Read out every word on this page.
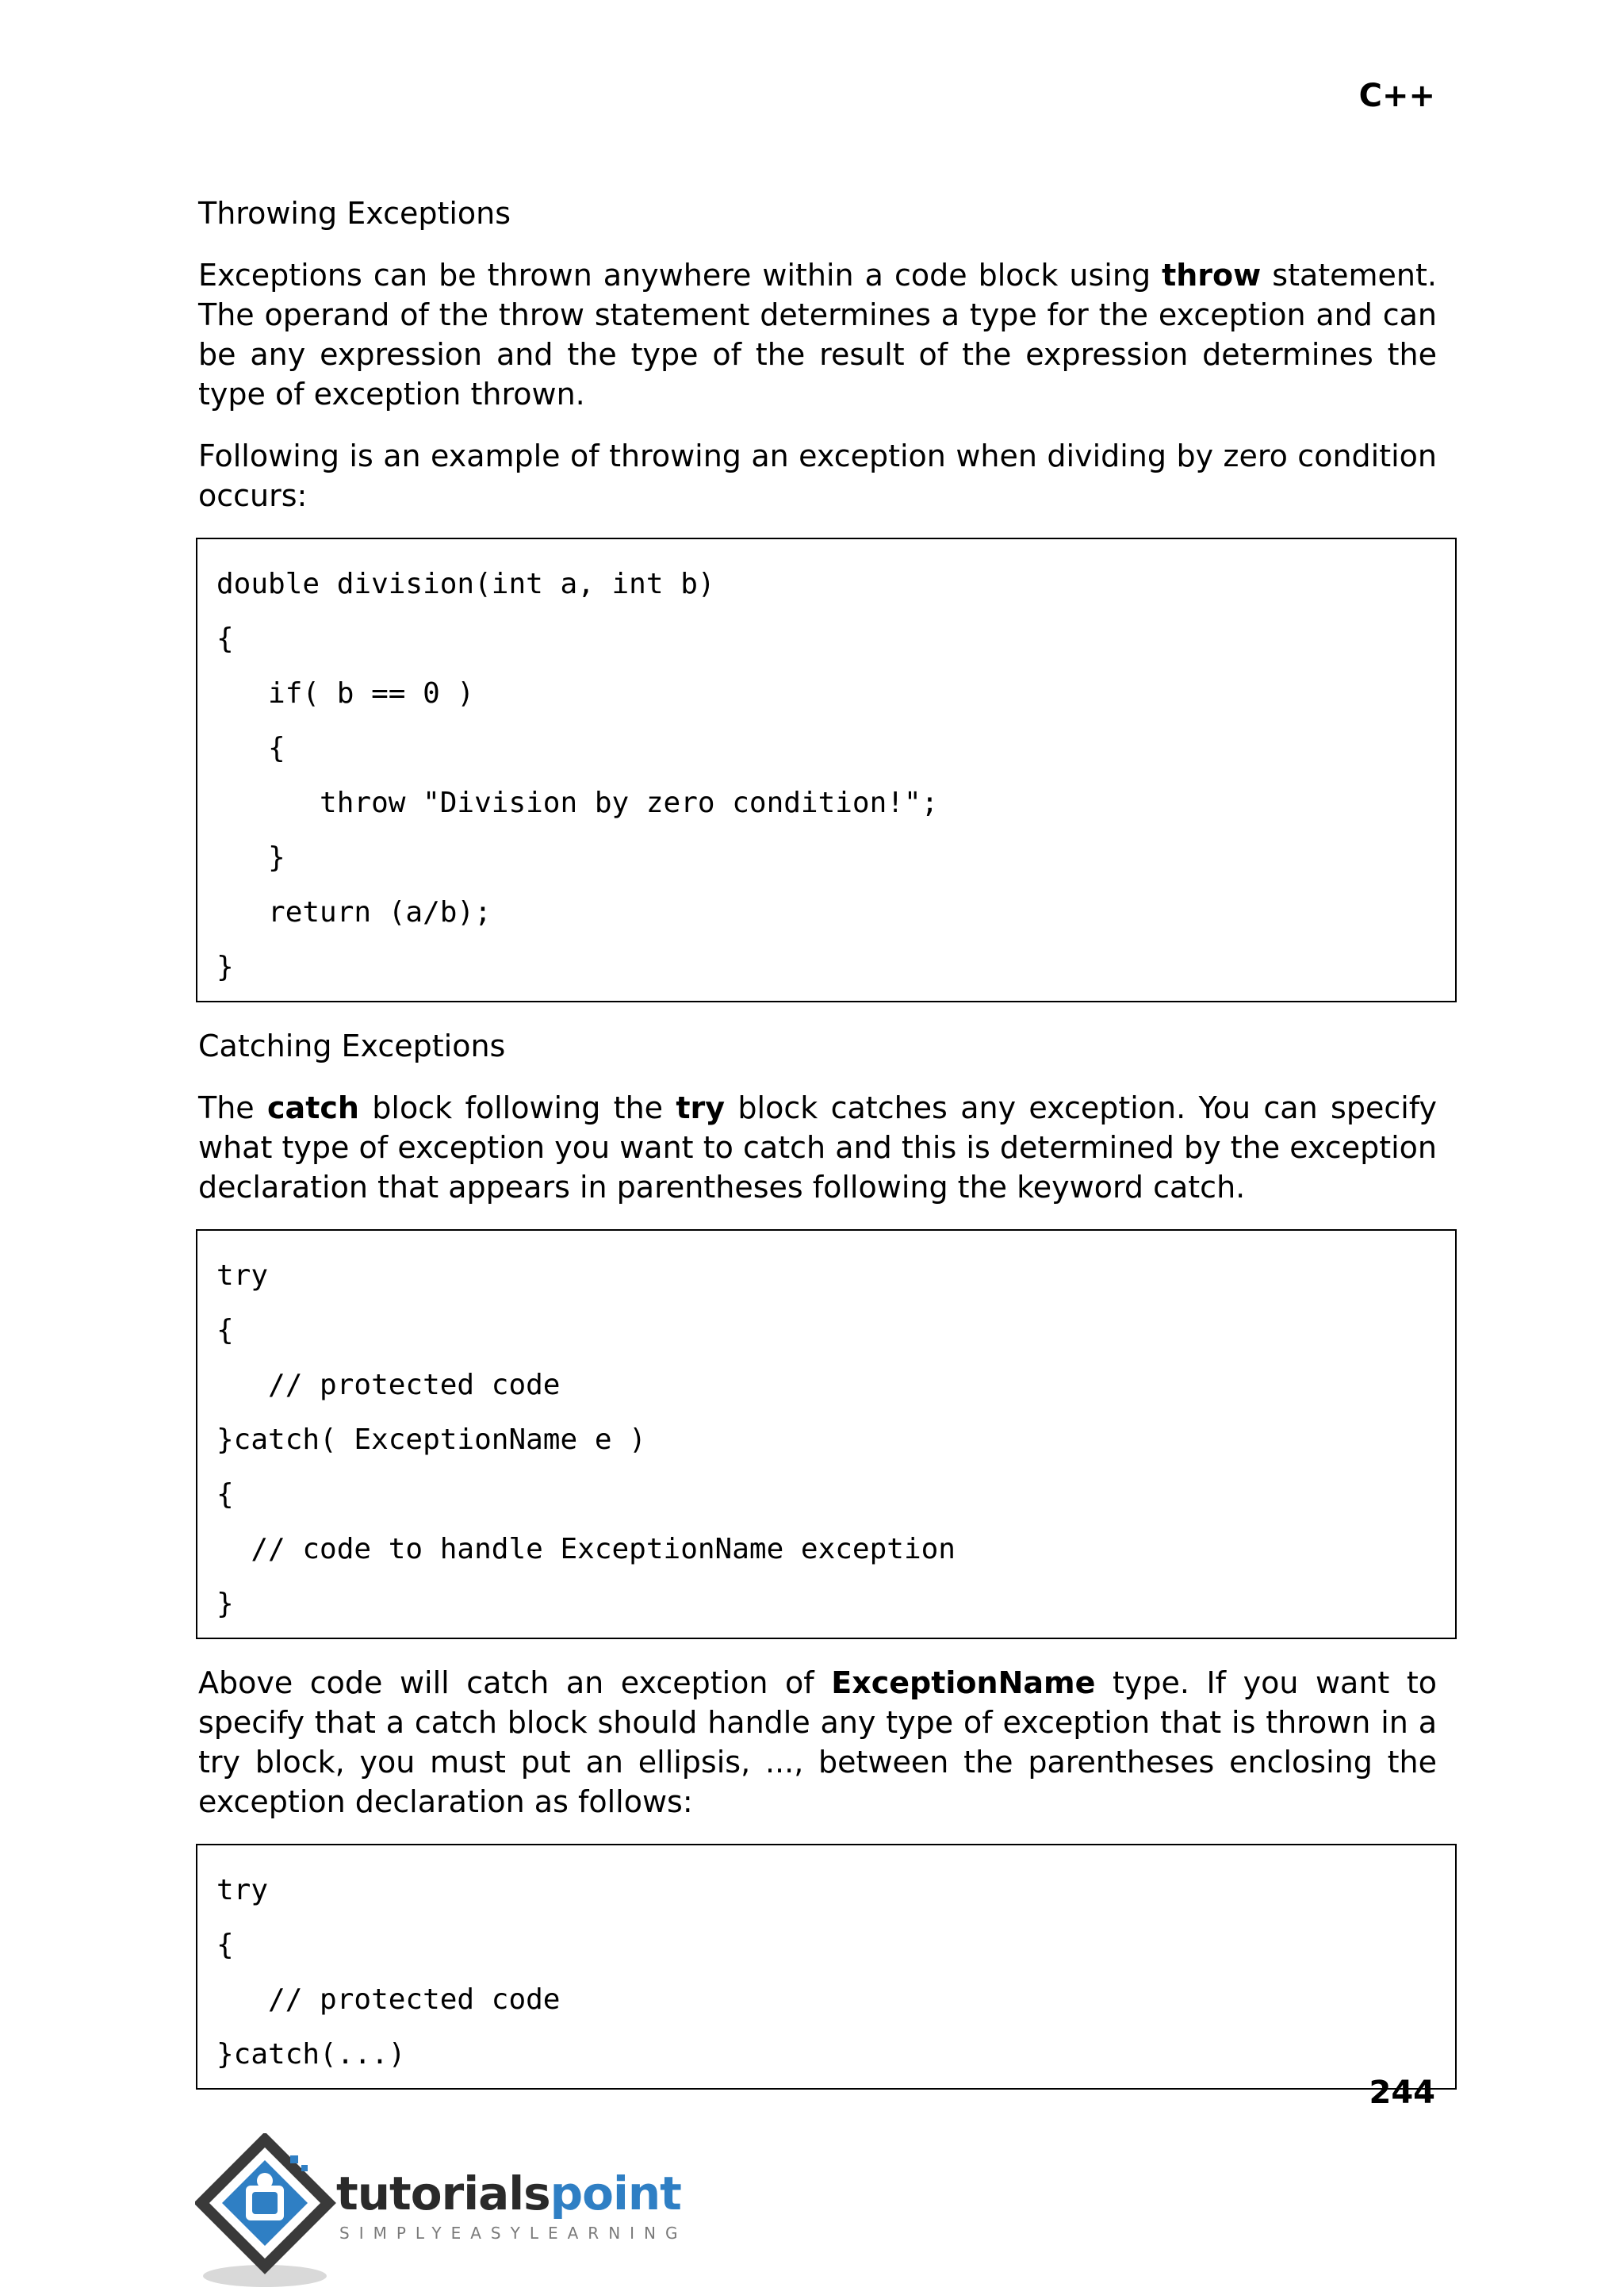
C++
Throwing Exceptions

Exceptions can be thrown anywhere within a code block using throw statement. The operand of the throw statement determines a type for the exception and can be any expression and the type of the result of the expression determines the type of exception thrown.

Following is an example of throwing an exception when dividing by zero condition occurs:

double division(int a, int b)
{
if( b == 0 )
{
throw "Division by zero condition!";
}
return (a/b);
}
Catching Exceptions

The catch block following the try block catches any exception. You can specify what type of exception you want to catch and this is determined by the exception declaration that appears in parentheses following the keyword catch.

try
{
// protected code
}catch( ExceptionName e )
{
// code to handle ExceptionName exception
}

Above code will catch an exception of ExceptionName type. If you want to specify that a catch block should handle any type of exception that is thrown in a try block, you must put an ellipsis, ..., between the parentheses enclosing the exception declaration as follows:

try
{
// protected code
}catch(...)
244
tutorialspoint
SIMPLYEASYLEARNING
